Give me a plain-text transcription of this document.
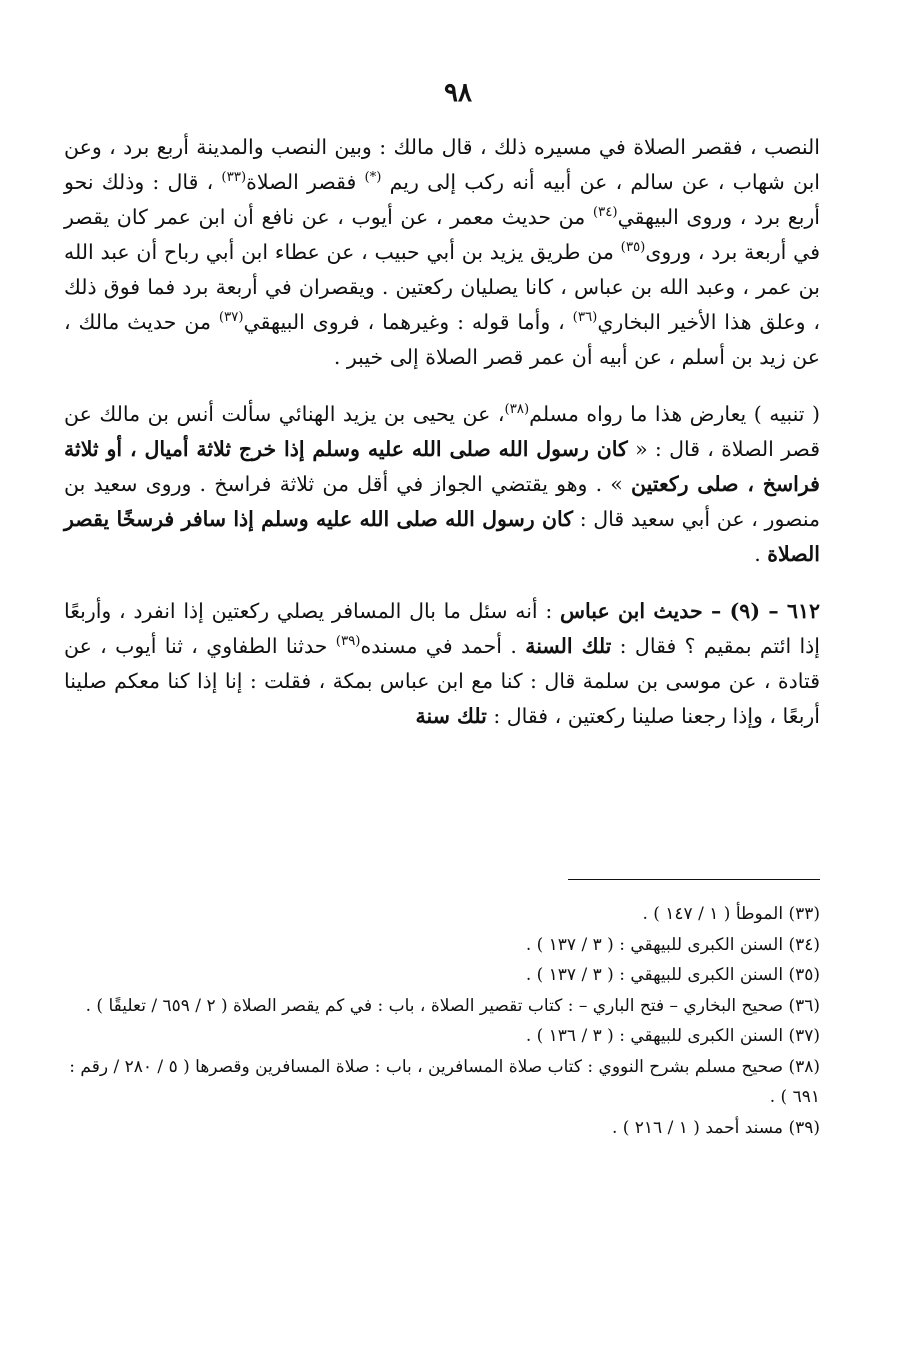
٩٨

النصب ، فقصر الصلاة في مسيره ذلك ، قال مالك : وبين النصب والمدينة أربع برد ، وعن ابن شهاب ، عن سالم ، عن أبيه أنه ركب إلى ريم (*) فقصر الصلاة$^{(٣٣)}$ ، قال : وذلك نحو أربع برد ، وروى البيهقي$^{(٣٤)}$ من حديث معمر ، عن أيوب ، عن نافع أن ابن عمر كان يقصر في أربعة برد ، وروى$^{(٣٥)}$ من طريق يزيد بن أبي حبيب ، عن عطاء ابن أبي رباح أن عبد الله بن عمر ، وعبد الله بن عباس ، كانا يصليان ركعتين . ويقصران في أربعة برد فما فوق ذلك ، وعلق هذا الأخير البخاري$^{(٣٦)}$ ، وأما قوله : وغيرهما ، فروى البيهقي$^{(٣٧)}$ من حديث مالك ، عن زيد بن أسلم ، عن أبيه أن عمر قصر الصلاة إلى خيبر .

( تنبيه ) يعارض هذا ما رواه مسلم$^{(٣٨)}$، عن يحيى بن يزيد الهنائي سألت أنس بن مالك عن قصر الصلاة ، قال : « كان رسول الله صلى الله عليه وسلم إذا خرج ثلاثة أميال ، أو ثلاثة فراسخ ، صلى ركعتين » . وهو يقتضي الجواز في أقل من ثلاثة فراسخ . وروى سعيد بن منصور ، عن أبي سعيد قال : كان رسول الله صلى الله عليه وسلم إذا سافر فرسخًا يقصر الصلاة .

٦١٢ – (٩) – حديث ابن عباس : أنه سئل ما بال المسافر يصلي ركعتين إذا انفرد ، وأربعًا إذا ائتم بمقيم ؟ فقال : تلك السنة . أحمد في مسنده$^{(٣٩)}$ حدثنا الطفاوي ، ثنا أيوب ، عن قتادة ، عن موسى بن سلمة قال : كنا مع ابن عباس بمكة ، فقلت : إنا إذا كنا معكم صلينا أربعًا ، وإذا رجعنا صلينا ركعتين ، فقال : تلك سنة

(٣٣) الموطأ ( ١ / ١٤٧ ) .

(٣٤) السنن الكبرى للبيهقي : ( ٣ / ١٣٧ ) .

(٣٥) السنن الكبرى للبيهقي : ( ٣ / ١٣٧ ) .

(٣٦) صحيح البخاري – فتح الباري – : كتاب تقصير الصلاة ، باب : في كم يقصر الصلاة ( ٢ / ٦٥٩ / تعليقًا ) .

(٣٧) السنن الكبرى للبيهقي : ( ٣ / ١٣٦ ) .

(٣٨) صحيح مسلم بشرح النووي : كتاب صلاة المسافرين ، باب : صلاة المسافرين وقصرها ( ٥ / ٢٨٠ / رقم : ٦٩١ ) .

(٣٩) مسند أحمد ( ١ / ٢١٦ ) .
